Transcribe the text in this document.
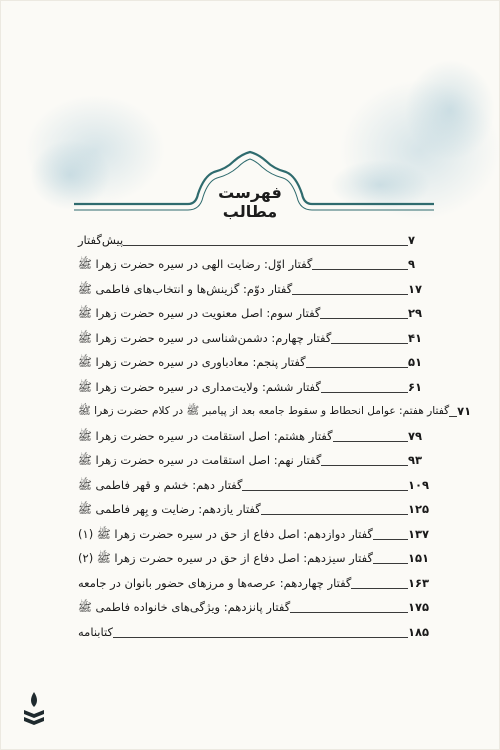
فهرست مطالب
پیش‌گفتار	۷
گفتار اوّل: رضایت الهی در سیره حضرت زهرا ﷺ	۹
گفتار دوّم: گزینش‌ها و انتخاب‌های فاطمی ﷺ	۱۷
گفتار سوم: اصل معنویت در سیره حضرت زهرا ﷺ	۲۹
گفتار چهارم: دشمن‌شناسی در سیره حضرت زهرا ﷺ	۴۱
گفتار پنجم: معادباوری در سیره حضرت زهرا ﷺ	۵۱
گفتار ششم: ولایت‌مداری در سیره حضرت زهرا ﷺ	۶۱
گفتار هفتم: عوامل انحطاط و سقوط جامعه بعد از پیامبر ﷺ در کلام حضرت زهرا ﷺ ۷۱
گفتار هشتم: اصل استقامت در سیره حضرت زهرا ﷺ	۷۹
گفتار نهم: اصل استقامت در سیره حضرت زهرا ﷺ	۹۳
گفتار دهم: خشم و قهر فاطمی ﷺ	۱۰۹
گفتار یازدهم: رضایت و بِهر فاطمی ﷺ	۱۲۵
گفتار دوازدهم: اصل دفاع از حق در سیره حضرت زهرا ﷺ (۱)	۱۳۷
گفتار سیزدهم: اصل دفاع از حق در سیره حضرت زهرا ﷺ (۲)	۱۵۱
گفتار چهاردهم: عرصه‌ها و مرزهای حضور بانوان در جامعه	۱۶۳
گفتار پانزدهم: ویژگی‌های خانواده فاطمی ﷺ	۱۷۵
کتابنامه	۱۸۵
